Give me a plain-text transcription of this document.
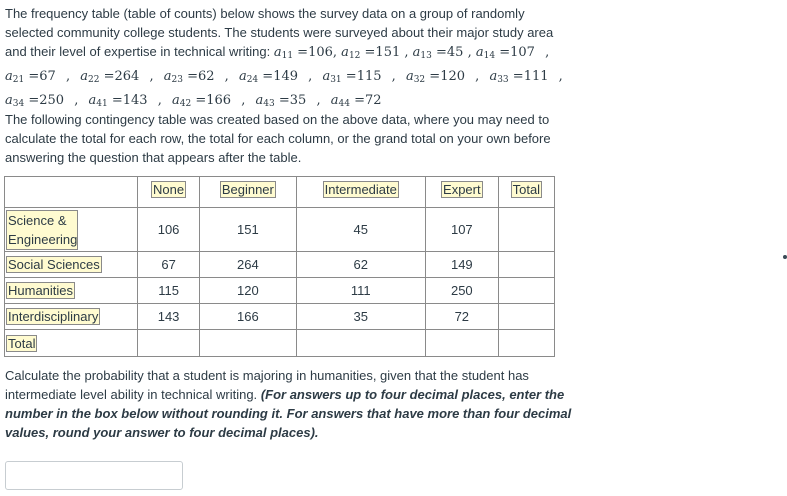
The frequency table (table of counts) below shows the survey data on a group of randomly selected community college students. The students were surveyed about their major study area and their level of expertise in technical writing: $a_{11} =106$, $a_{12} =151$ , $a_{13} =45$ , $a_{14} =107$ , $a_{21} =67$ , $a_{22} =264$ , $a_{23} =62$ , $a_{24} =149$ , $a_{31} =115$ , $a_{32} =120$ , $a_{33} =111$ , $a_{34} =250$ , $a_{41} =143$ , $a_{42} =166$ , $a_{43} =35$ , $a_{44} =72$

The following contingency table was created based on the above data, where you may need to calculate the total for each row, the total for each column, or the grand total on your own before answering the question that appears after the table.

	None	Beginner	Intermediate	Expert	Total
Science & Engineering	106	151	45	107	
Social Sciences	67	264	62	149	
Humanities	115	120	111	250	
Interdisciplinary	143	166	35	72	
Total					

Calculate the probability that a student is majoring in humanities, given that the student has intermediate level ability in technical writing. (For answers up to four decimal places, enter the number in the box below without rounding it. For answers that have more than four decimal values, round your answer to four decimal places).
